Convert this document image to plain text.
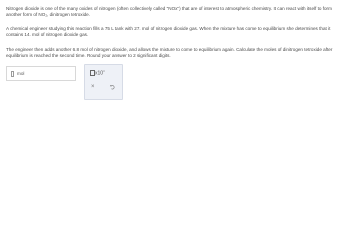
Nitrogen dioxide is one of the many oxides of nitrogen (often collectively called "NOx") that are of interest to atmospheric chemistry. It can react with itself to form another form of NO₂, dinitrogen tetroxide.

A chemical engineer studying this reaction fills a 75 L tank with 27. mol of nitrogen dioxide gas. When the mixture has come to equilibrium she determines that it contains 14. mol of nitrogen dioxide gas.

The engineer then adds another 6.8 mol of nitrogen dioxide, and allows the mixture to come to equilibrium again. Calculate the moles of dinitrogen tetroxide after equilibrium is reached the second time. Round your answer to 2 significant digits.

mol	x10□
×
